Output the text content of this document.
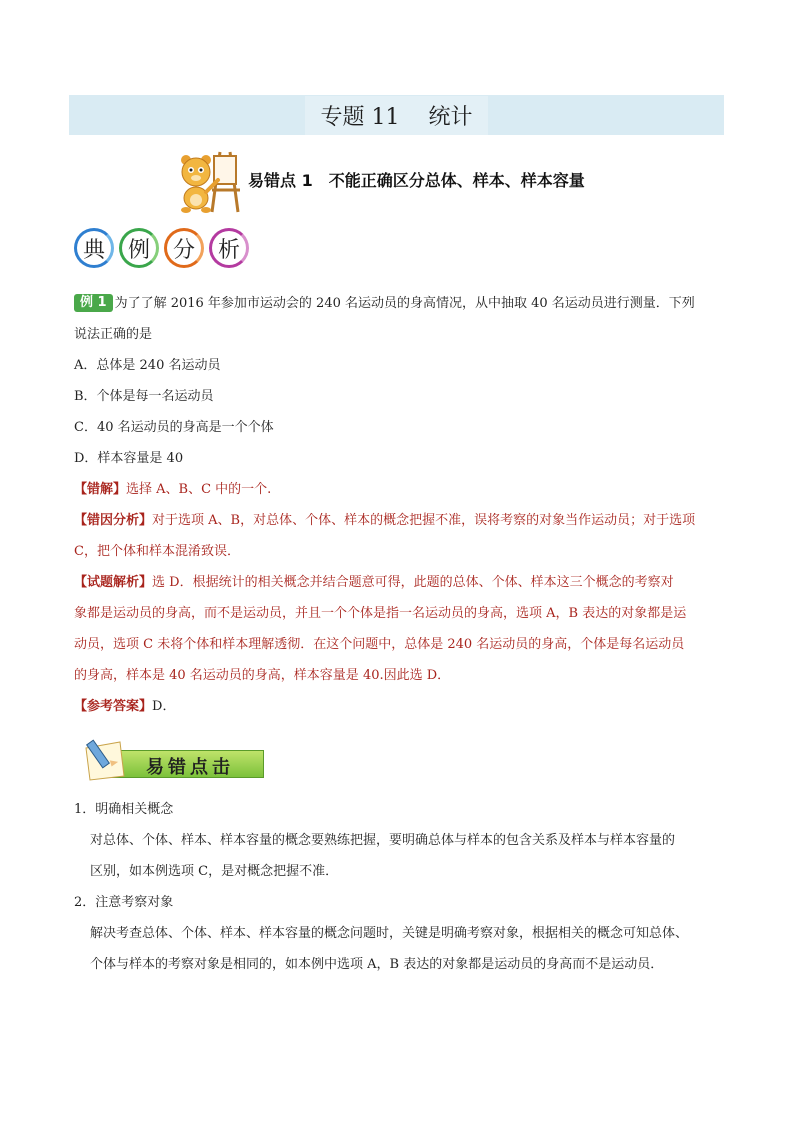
专题 11　 统计
易错点 1　不能正确区分总体、样本、样本容量
典	例	分	析
例 1 为了了解 2016 年参加市运动会的 240 名运动员的身高情况，从中抽取 40 名运动员进行测量．下列
说法正确的是
A．总体是 240 名运动员
B．个体是每一名运动员
C．40 名运动员的身高是一个个体
D．样本容量是 40
【错解】选择 A、B、C 中的一个.
【错因分析】对于选项 A、B，对总体、个体、样本的概念把握不准，误将考察的对象当作运动员；对于选项
C，把个体和样本混淆致误．
【试题解析】选 D．根据统计的相关概念并结合题意可得，此题的总体、个体、样本这三个概念的考察对
象都是运动员的身高，而不是运动员，并且一个个体是指一名运动员的身高，选项 A，B 表达的对象都是运
动员，选项 C 未将个体和样本理解透彻．在这个问题中，总体是 240 名运动员的身高，个体是每名运动员
的身高，样本是 40 名运动员的身高，样本容量是 40.因此选 D．
【参考答案】D．
易错点击
1．明确相关概念
对总体、个体、样本、样本容量的概念要熟练把握，要明确总体与样本的包含关系及样本与样本容量的
区别，如本例选项 C，是对概念把握不准．
2．注意考察对象
解决考查总体、个体、样本、样本容量的概念问题时，关键是明确考察对象，根据相关的概念可知总体、
个体与样本的考察对象是相同的，如本例中选项 A，B 表达的对象都是运动员的身高而不是运动员．
